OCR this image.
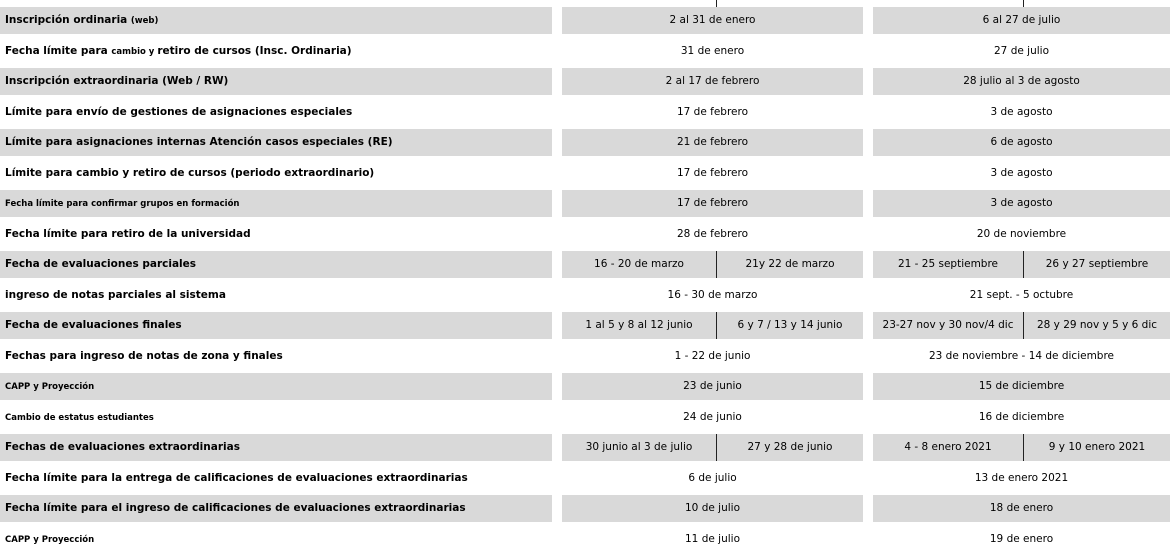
Inscripción ordinaria (web)	2 al 31 de enero	6 al 27 de julio
Fecha límite para cambio y retiro de cursos (Insc. Ordinaria)	31 de enero	27 de julio
Inscripción extraordinaria (Web / RW)	2 al 17 de febrero	28 julio al 3 de agosto
Límite para envío de gestiones de asignaciones especiales	17 de febrero	3 de agosto
Límite para asignaciones internas Atención casos especiales (RE)	21 de febrero	6 de agosto
Límite para cambio y retiro de cursos (periodo extraordinario)	17 de febrero	3 de agosto
Fecha límite para confirmar grupos en formación	17 de febrero	3 de agosto
Fecha límite para retiro de la universidad	28 de febrero	20 de noviembre
Fecha de evaluaciones parciales	16 - 20 de marzo	21y 22 de marzo	21 - 25 septiembre	26 y 27 septiembre
ingreso de notas parciales al sistema	16 - 30 de marzo	21 sept. - 5 octubre
Fecha de evaluaciones finales	1 al 5 y 8 al 12 junio	6 y 7 / 13 y 14 junio	23-27 nov y 30 nov/4 dic	28 y 29 nov y 5 y 6 dic
Fechas para ingreso de notas de zona y finales	1 - 22 de junio	23 de noviembre - 14 de diciembre
CAPP y Proyección	23 de junio	15 de diciembre
Cambio de estatus estudiantes	24 de junio	16 de diciembre
Fechas de evaluaciones extraordinarias	30 junio al 3 de julio	27 y 28 de junio	4 - 8 enero 2021	9 y 10 enero 2021
Fecha límite para la entrega de calificaciones de evaluaciones extraordinarias	6 de julio	13 de enero 2021
Fecha límite para el ingreso de calificaciones de evaluaciones extraordinarias	10 de julio	18 de enero
CAPP y Proyección	11 de julio	19 de enero
